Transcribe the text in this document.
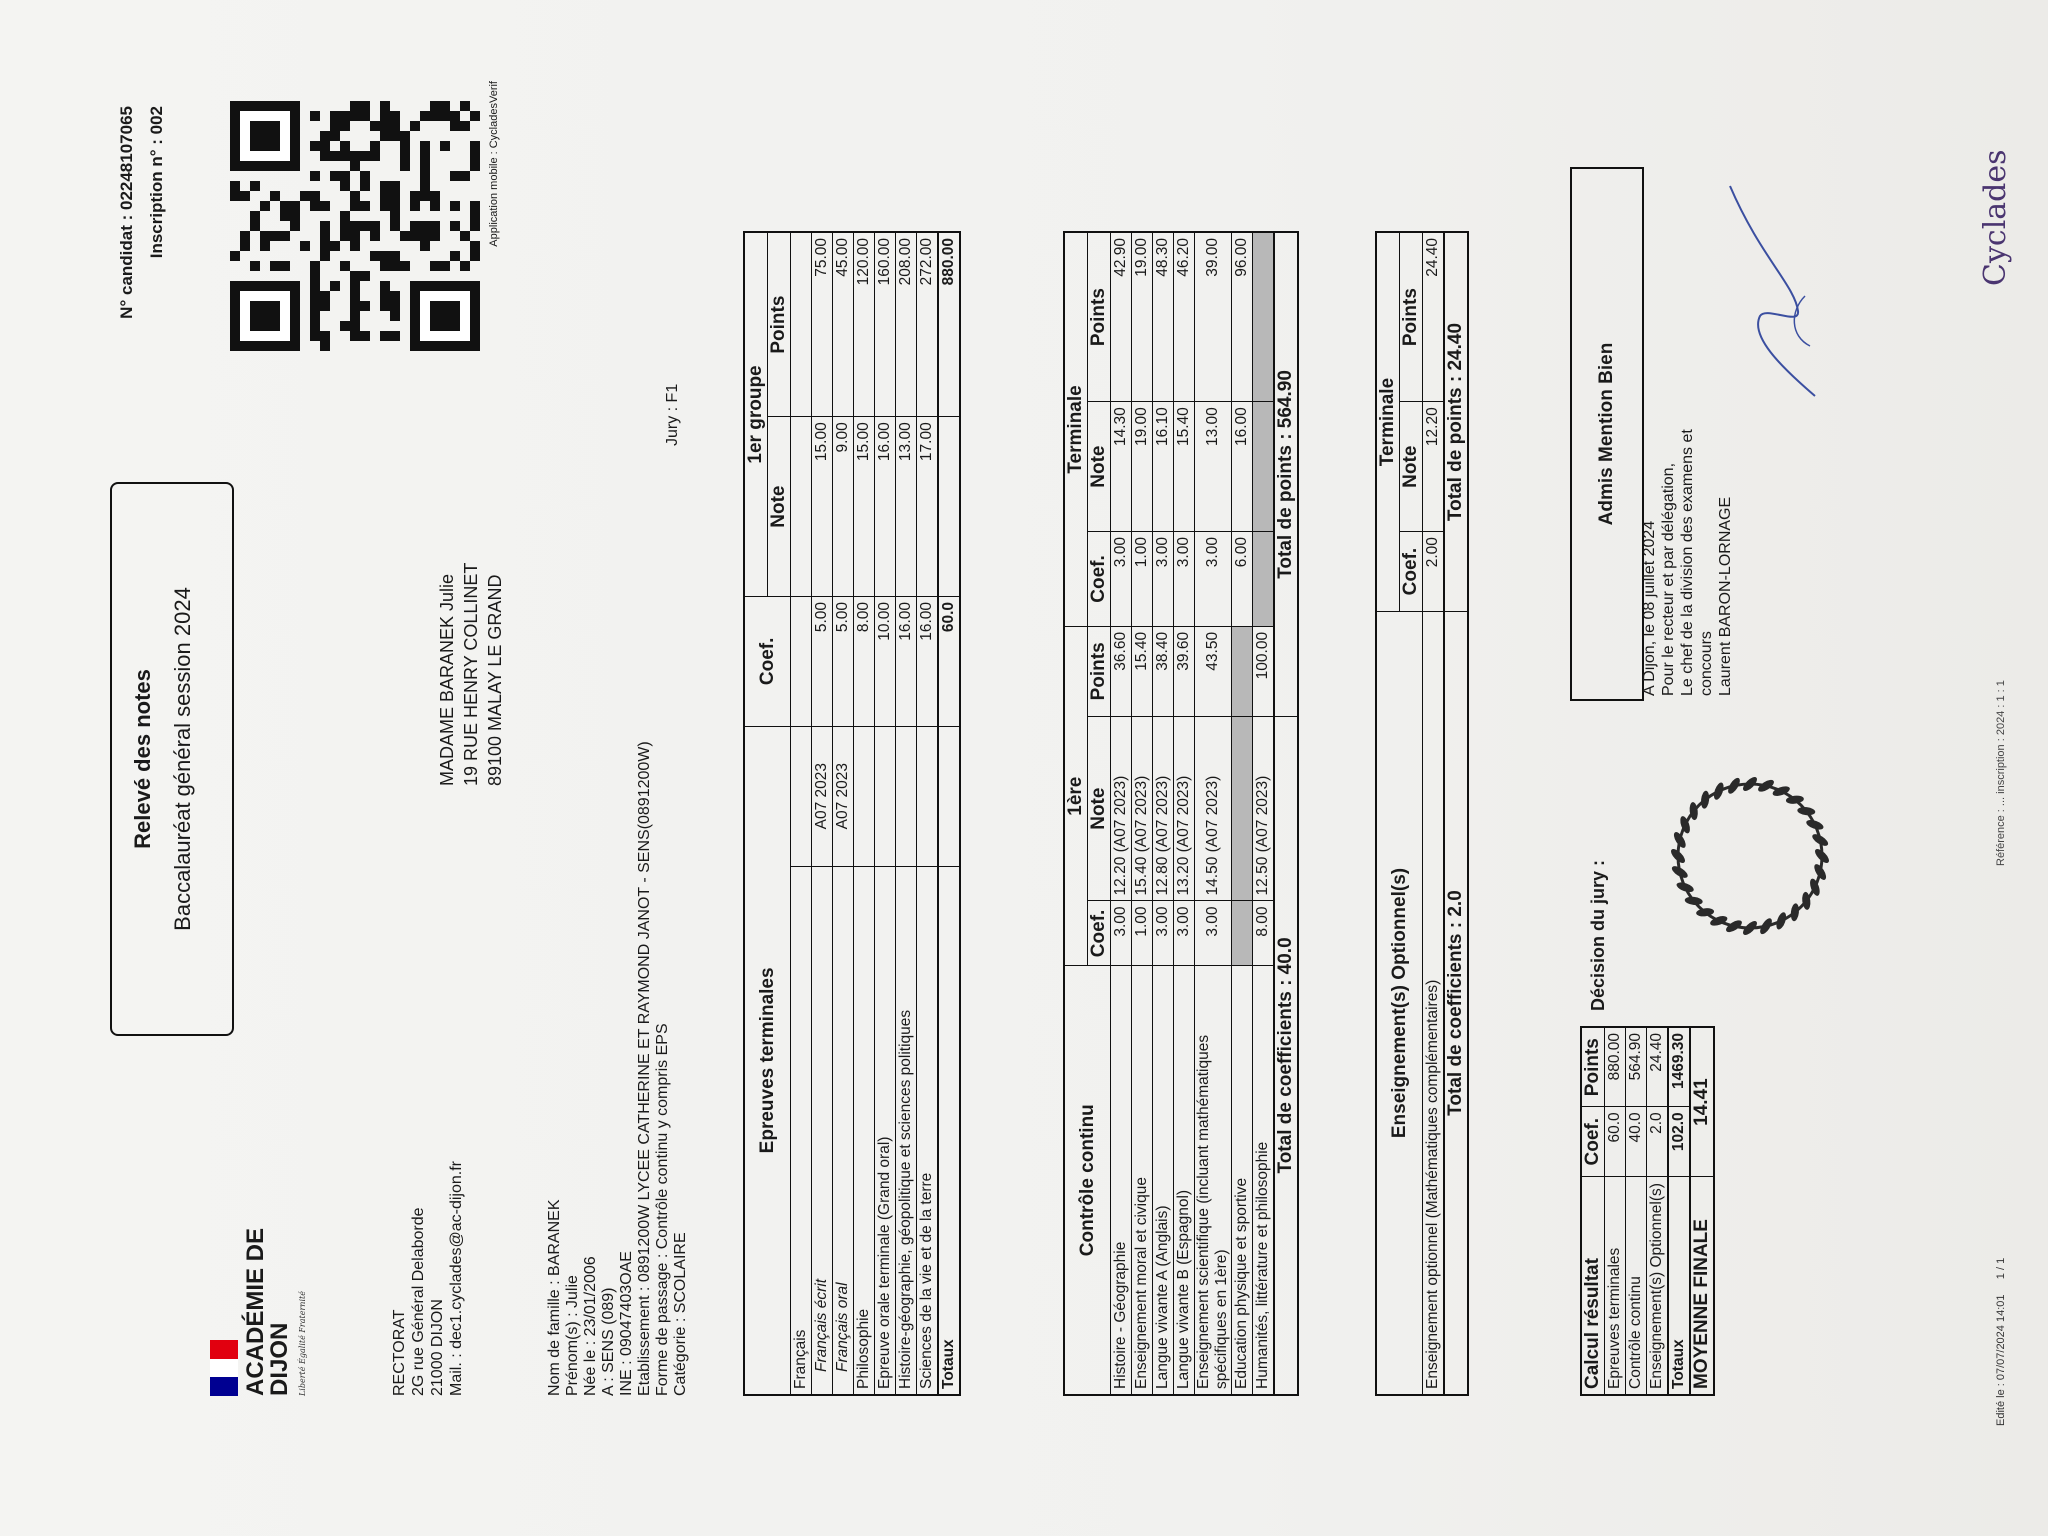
ACADÉMIE DE DIJON Liberté Égalité Fraternité
Relevé des notes Baccalauréat général session 2024
N° candidat : 02248107065 Inscription n° : 002
RECTORAT 2G rue Général Delaborde 21000 DIJON Mail. : dec1.cyclades@ac-dijon.fr
MADAME BARANEK Julie 19 RUE HENRY COLLINET 89100 MALAY LE GRAND
Application mobile : CycladesVerif
Nom de famille : BARANEK Prénom(s) : Julie Née le : 23/01/2006 A : SENS (089) INE : 09047403OAE Etablissement : 0891200W LYCEE CATHERINE ET RAYMOND JANOT - SENS(0891200W) Forme de passage : Contrôle continu y compris EPS Catégorie : SCOLAIRE
Jury : F1
Epreuves terminales		Coef.	1er groupe	
			Note	Points
Français				
Français écrit	A07 2023	5.00	15.00	75.00
Français oral	A07 2023	5.00	9.00	45.00
Philosophie		8.00	15.00	120.00
Epreuve orale terminale (Grand oral)		10.00	16.00	160.00
Histoire-géographie, géopolitique et sciences politiques		16.00	13.00	208.00
Sciences de la vie et de la terre		16.00	17.00	272.00
Totaux		60.0		880.00
Contrôle continu	1ère			Terminale		
	Coef.	Note	Points	Coef.	Note	Points
Histoire - Géographie	3.00	12.20 (A07 2023)	36.60	3.00	14.30	42.90
Enseignement moral et civique	1.00	15.40 (A07 2023)	15.40	1.00	19.00	19.00
Langue vivante A (Anglais)	3.00	12.80 (A07 2023)	38.40	3.00	16.10	48.30
Langue vivante B (Espagnol)	3.00	13.20 (A07 2023)	39.60	3.00	15.40	46.20
Enseignement scientifique (incluant mathématiques spécifiques en 1ère)	3.00	14.50 (A07 2023)	43.50	3.00	13.00	39.00
Education physique et sportive				6.00	16.00	96.00
Humanités, littérature et philosophie	8.00	12.50 (A07 2023)	100.00			
Total de coefficients : 40.0			Total de points : 564.90			
Enseignement(s) Optionnel(s)	Terminale		
	Coef.	Note	Points
Enseignement optionnel (Mathématiques complémentaires)	2.00	12.20	24.40
Total de coefficients : 2.0	Total de points : 24.40		
Calcul résultat	Coef.	Points
Epreuves terminales	60.0	880.00
Contrôle continu	40.0	564.90
Enseignement(s) Optionnel(s)	2.0	24.40
Totaux	102.0	1469.30
MOYENNE FINALE	14.41	
Décision du jury :
Admis Mention Bien
A Dijon, le 08 juillet 2024 Pour le recteur et par délégation, Le chef de la division des examens et concours Laurent BARON-LORNAGE
Edité le : 07/07/2024 14:01     1 / 1
Référence : ... inscription : 2024 : 1 : 1
Cyclades
